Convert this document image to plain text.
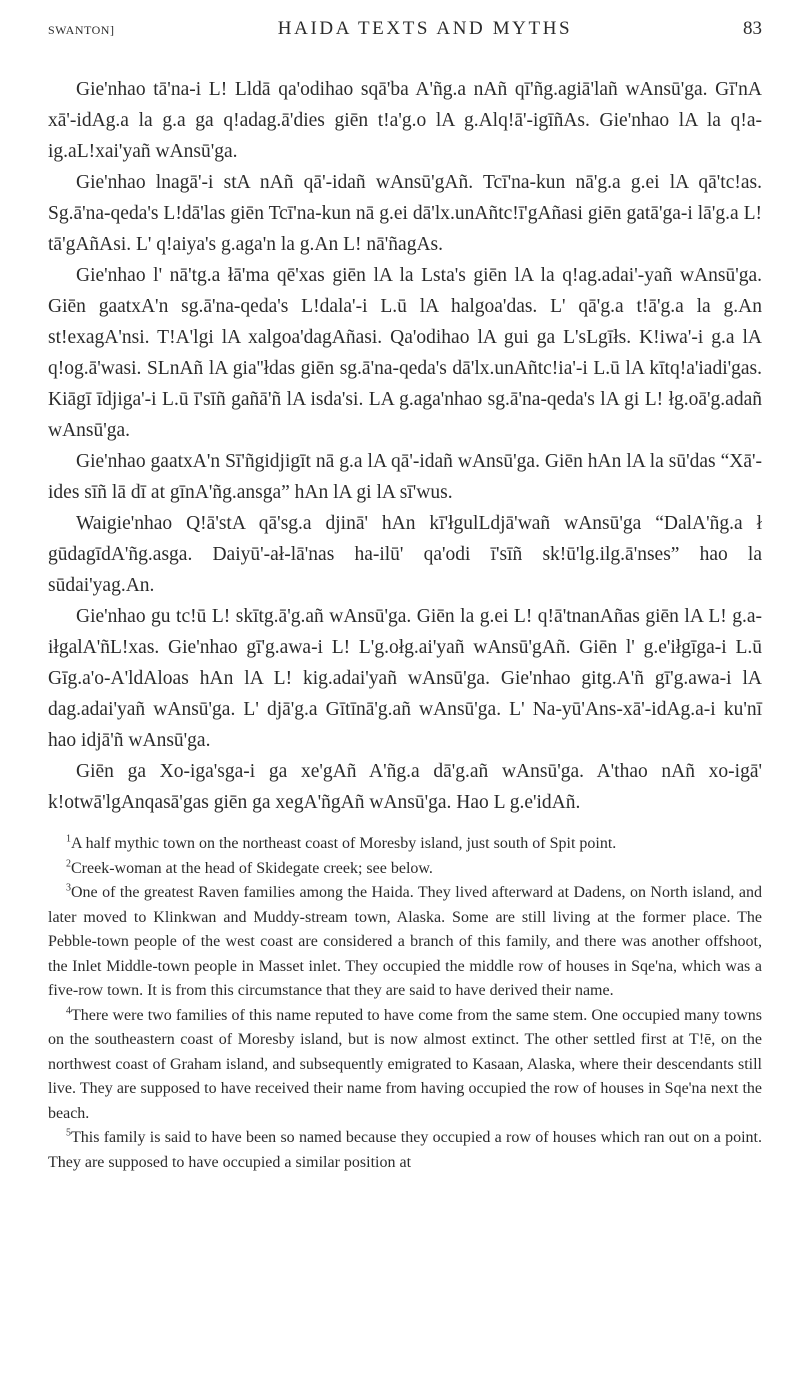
SWANTON]	HAIDA TEXTS AND MYTHS	83

Gie'nhao tā'na-i L! Lldā qa'odihao sqā'ba A'ñg.a nAñ qī'ñg.agiā'lañ wAnsū'ga. Gī'nA xā'-idAg.a la g.a ga q!adag.ā'dies giēn t!a'g.o lA g.Alq!ā'-igīñAs. Gie'nhao lA la q!a-ig.aL!xai'yañ wAnsū'ga.

Gie'nhao lnagā'-i stA nAñ qā'-idañ wAnsū'gAñ. Tcī'na-kun nā'g.a g.ei lA qā'tc!as. Sg.ā'na-qeda's L!dā'las giēn Tcī'na-kun nā g.ei dā'lx.unAñtc!ī'gAñasi giēn gatā'ga-i lā'g.a L! tā'gAñAsi. L' q!aiya's g.aga'n la g.An L! nā'ñagAs.

Gie'nhao l' nā'tg.a łā'ma qē'xas giēn lA la Lsta's giēn lA la q!ag.adai'-yañ wAnsū'ga. Giēn gaatxA'n sg.ā'na-qeda's L!dala'-i L.ū lA halgoa'das. L' qā'g.a t!ā'g.a la g.An st!exagA'nsi. T!A'lgi lA xalgoa'dagAñasi. Qa'odihao lA gui ga L'sLgīłs. K!iwa'-i g.a lA q!og.ā'wasi. SLnAñ lA gia''łdas giēn sg.ā'na-qeda's dā'lx.unAñtc!ia'-i L.ū lA kītq!a'iadi'gas. Kiāgī īdjiga'-i L.ū ī'sīñ gañā'ñ lA isda'si. LA g.aga'nhao sg.ā'na-qeda's lA gi L! łg.oā'g.adañ wAnsū'ga.

Gie'nhao gaatxA'n Sī'ñgidjigīt nā g.a lA qā'-idañ wAnsū'ga. Giēn hAn lA la sū'das “Xā'-ides sīñ lā dī at gīnA'ñg.ansga” hAn lA gi lA sī'wus.

Waigie'nhao Q!ā'stA qā'sg.a djinā' hAn kī'łgulLdjā'wañ wAnsū'ga “DalA'ñg.a ł gūdagīdA'ñg.asga. Daiyū'-ał-lā'nas ha-ilū' qa'odi ī'sīñ sk!ū'lg.ilg.ā'nses” hao la sūdai'yag.An.

Gie'nhao gu tc!ū L! skītg.ā'g.añ wAnsū'ga. Giēn la g.ei L! q!ā'tnanAñas giēn lA L! g.a-iłgalA'ñL!xas. Gie'nhao gī'g.awa-i L! L'g.ołg.ai'yañ wAnsū'gAñ. Giēn l' g.e'iłgīga-i L.ū Gīg.a'o-A'ldAloas hAn lA L! kig.adai'yañ wAnsū'ga. Gie'nhao gitg.A'ñ gī'g.awa-i lA dag.adai'yañ wAnsū'ga. L' djā'g.a Gītīnā'g.añ wAnsū'ga. L' Na-yū'Ans-xā'-idAg.a-i ku'nī hao idjā'ñ wAnsū'ga.

Giēn ga Xo-iga'sga-i ga xe'gAñ A'ñg.a dā'g.añ wAnsū'ga. A'thao nAñ xo-igā' k!otwā'lgAnqasā'gas giēn ga xegA'ñgAñ wAnsū'ga. Hao L g.e'idAñ.

$^1$A half mythic town on the northeast coast of Moresby island, just south of Spit point.

$^2$Creek-woman at the head of Skidegate creek; see below.

$^3$One of the greatest Raven families among the Haida. They lived afterward at Dadens, on North island, and later moved to Klinkwan and Muddy-stream town, Alaska. Some are still living at the former place. The Pebble-town people of the west coast are considered a branch of this family, and there was another offshoot, the Inlet Middle-town people in Masset inlet. They occupied the middle row of houses in Sqe'na, which was a five-row town. It is from this circumstance that they are said to have derived their name.

$^4$There were two families of this name reputed to have come from the same stem. One occupied many towns on the southeastern coast of Moresby island, but is now almost extinct. The other settled first at T!ē, on the northwest coast of Graham island, and subsequently emigrated to Kasaan, Alaska, where their descendants still live. They are supposed to have received their name from having occupied the row of houses in Sqe'na next the beach.

$^5$This family is said to have been so named because they occupied a row of houses which ran out on a point. They are supposed to have occupied a similar position at
